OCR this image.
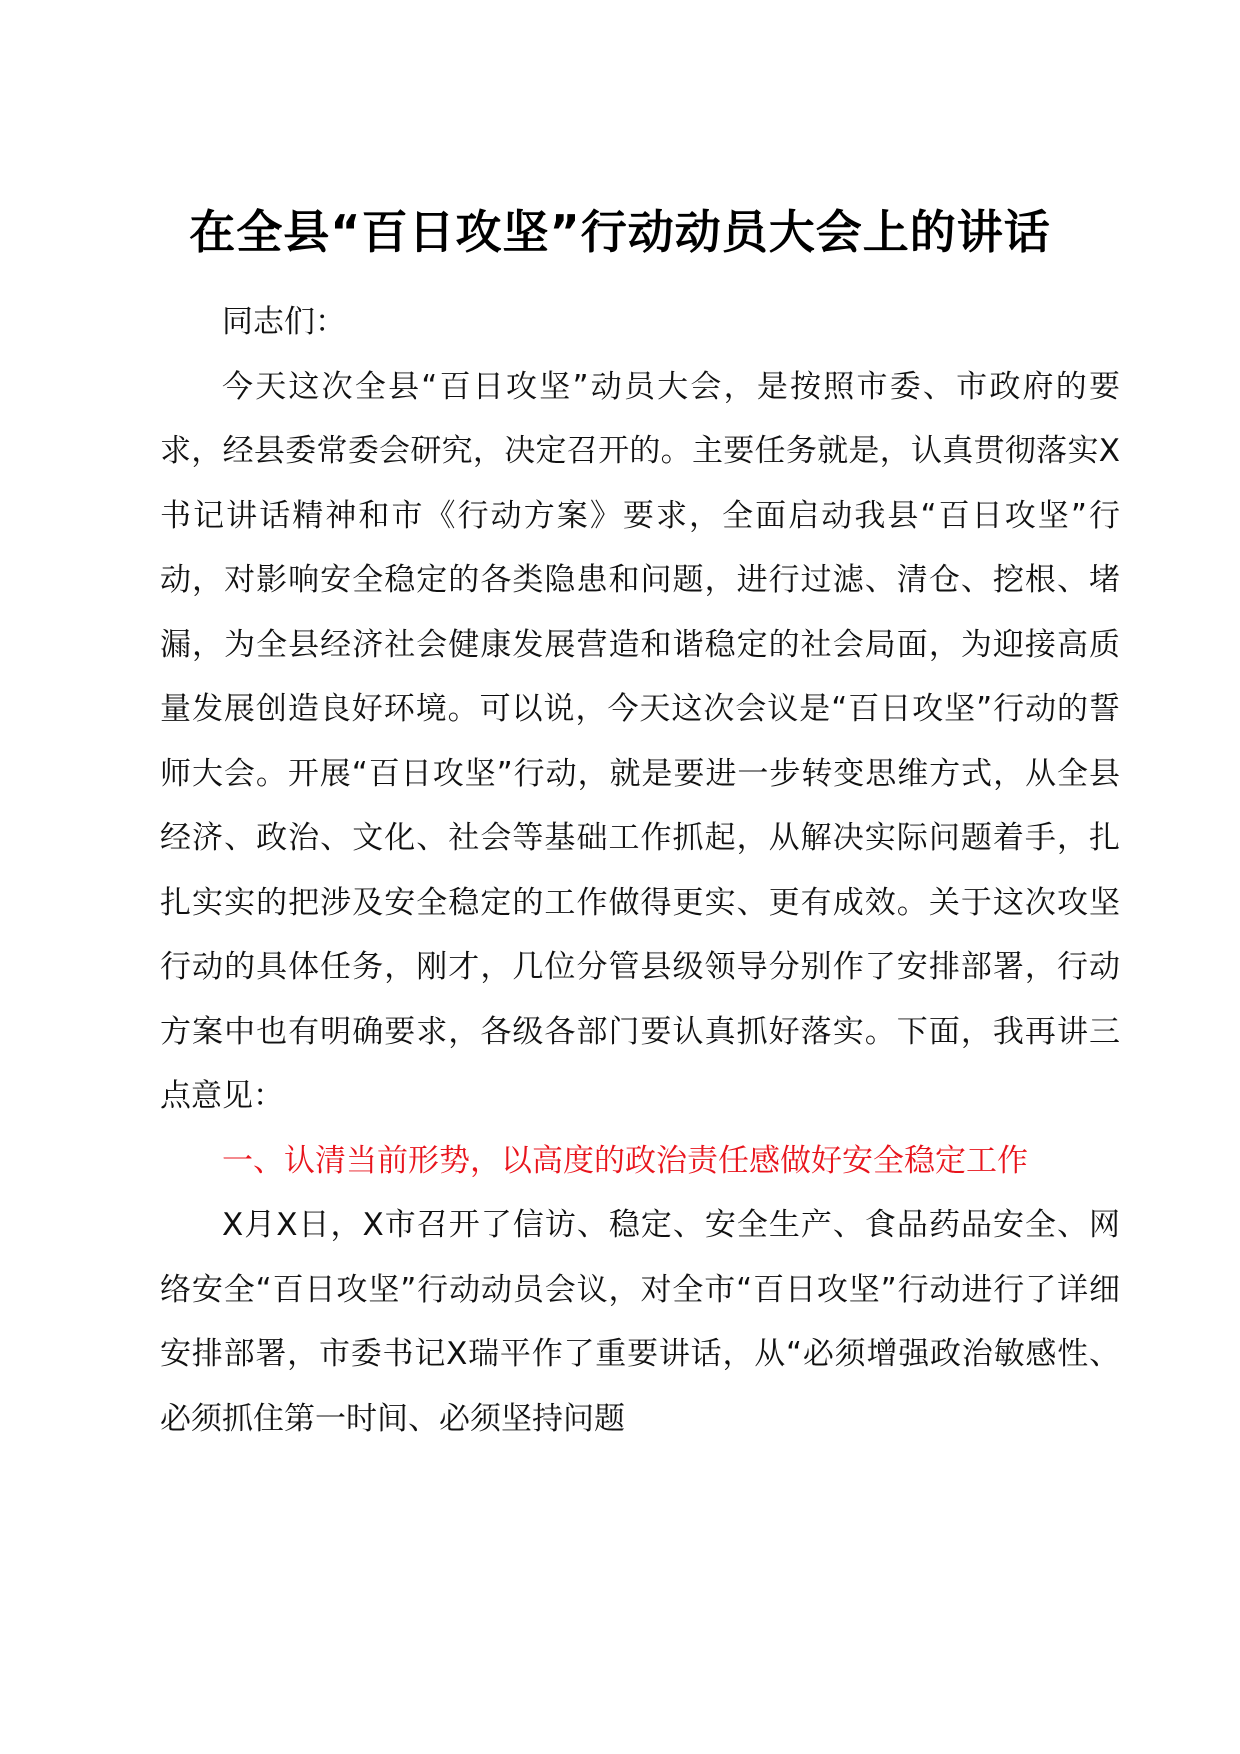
在全县“百日攻坚”行动动员大会上的讲话

同志们：

今天这次全县“百日攻坚”动员大会，是按照市委、市政府的要求，经县委常委会研究，决定召开的。主要任务就是，认真贯彻落实X书记讲话精神和市《行动方案》要求，全面启动我县“百日攻坚”行动，对影响安全稳定的各类隐患和问题，进行过滤、清仓、挖根、堵漏，为全县经济社会健康发展营造和谐稳定的社会局面，为迎接高质量发展创造良好环境。可以说，今天这次会议是“百日攻坚”行动的誓师大会。开展“百日攻坚”行动，就是要进一步转变思维方式，从全县经济、政治、文化、社会等基础工作抓起，从解决实际问题着手，扎扎实实的把涉及安全稳定的工作做得更实、更有成效。关于这次攻坚行动的具体任务，刚才，几位分管县级领导分别作了安排部署，行动方案中也有明确要求，各级各部门要认真抓好落实。下面，我再讲三点意见：

一、认清当前形势，以高度的政治责任感做好安全稳定工作

X月X日，X市召开了信访、稳定、安全生产、食品药品安全、网络安全“百日攻坚”行动动员会议，对全市“百日攻坚”行动进行了详细安排部署，市委书记X瑞平作了重要讲话，从“必须增强政治敏感性、必须抓住第一时间、必须坚持问题
